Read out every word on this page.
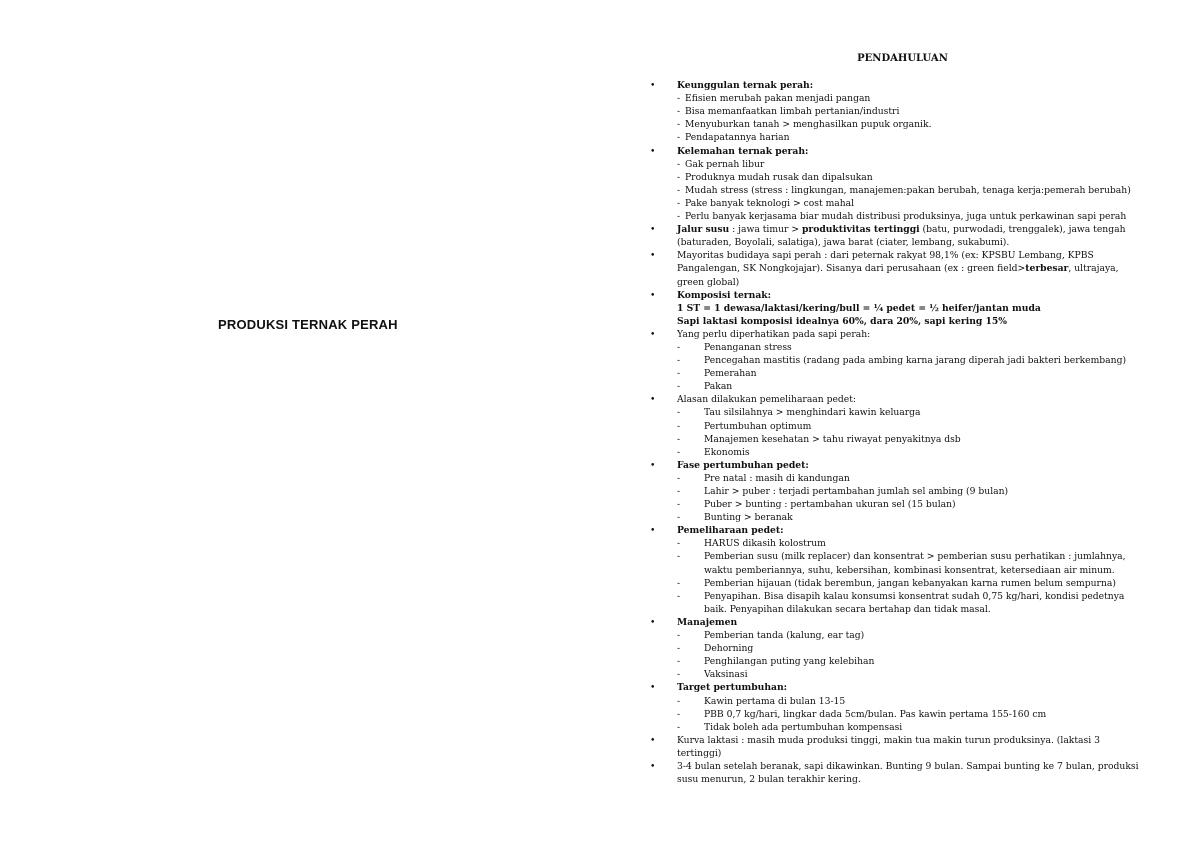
PRODUKSI TERNAK PERAH
PENDAHULUAN
• Keunggulan ternak perah:
- Efisien merubah pakan menjadi pangan
- Bisa memanfaatkan limbah pertanian/industri
- Menyuburkan tanah > menghasilkan pupuk organik.
- Pendapatannya harian
• Kelemahan ternak perah:
- Gak pernah libur
- Produknya mudah rusak dan dipalsukan
- Mudah stress (stress : lingkungan, manajemen:pakan berubah, tenaga kerja:pemerah berubah)
- Pake banyak teknologi > cost mahal
- Perlu banyak kerjasama biar mudah distribusi produksinya, juga untuk perkawinan sapi perah
• Jalur susu : jawa timur > produktivitas tertinggi (batu, purwodadi, trenggalek), jawa tengah (baturaden, Boyolali, salatiga), jawa barat (ciater, lembang, sukabumi).
• Mayoritas budidaya sapi perah : dari peternak rakyat 98,1% (ex: KPSBU Lembang, KPBS Pangalengan, SK Nongkojajar). Sisanya dari perusahaan (ex : green field>terbesar, ultrajaya, green global)
• Komposisi ternak:
1 ST = 1 dewasa/laktasi/kering/bull = ¼ pedet = ½ heifer/jantan muda
Sapi laktasi komposisi idealnya 60%, dara 20%, sapi kering 15%
• Yang perlu diperhatikan pada sapi perah:
- Penanganan stress
- Pencegahan mastitis (radang pada ambing karna jarang diperah jadi bakteri berkembang)
- Pemerahan
- Pakan
• Alasan dilakukan pemeliharaan pedet:
- Tau silsilahnya > menghindari kawin keluarga
- Pertumbuhan optimum
- Manajemen kesehatan > tahu riwayat penyakitnya dsb
- Ekonomis
• Fase pertumbuhan pedet:
- Pre natal : masih di kandungan
- Lahir > puber : terjadi pertambahan jumlah sel ambing (9 bulan)
- Puber > bunting : pertambahan ukuran sel (15 bulan)
- Bunting > beranak
• Pemeliharaan pedet:
- HARUS dikasih kolostrum
- Pemberian susu (milk replacer) dan konsentrat > pemberian susu perhatikan : jumlahnya, waktu pemberiannya, suhu, kebersihan, kombinasi konsentrat, ketersediaan air minum.
- Pemberian hijauan (tidak berembun, jangan kebanyakan karna rumen belum sempurna)
- Penyapihan. Bisa disapih kalau konsumsi konsentrat sudah 0,75 kg/hari, kondisi pedetnya baik. Penyapihan dilakukan secara bertahap dan tidak masal.
• Manajemen
- Pemberian tanda (kalung, ear tag)
- Dehorning
- Penghilangan puting yang kelebihan
- Vaksinasi
• Target pertumbuhan:
- Kawin pertama di bulan 13-15
- PBB 0,7 kg/hari, lingkar dada 5cm/bulan. Pas kawin pertama 155-160 cm
- Tidak boleh ada pertumbuhan kompensasi
• Kurva laktasi : masih muda produksi tinggi, makin tua makin turun produksinya. (laktasi 3 tertinggi)
• 3-4 bulan setelah beranak, sapi dikawinkan. Bunting 9 bulan. Sampai bunting ke 7 bulan, produksi susu menurun, 2 bulan terakhir kering.
